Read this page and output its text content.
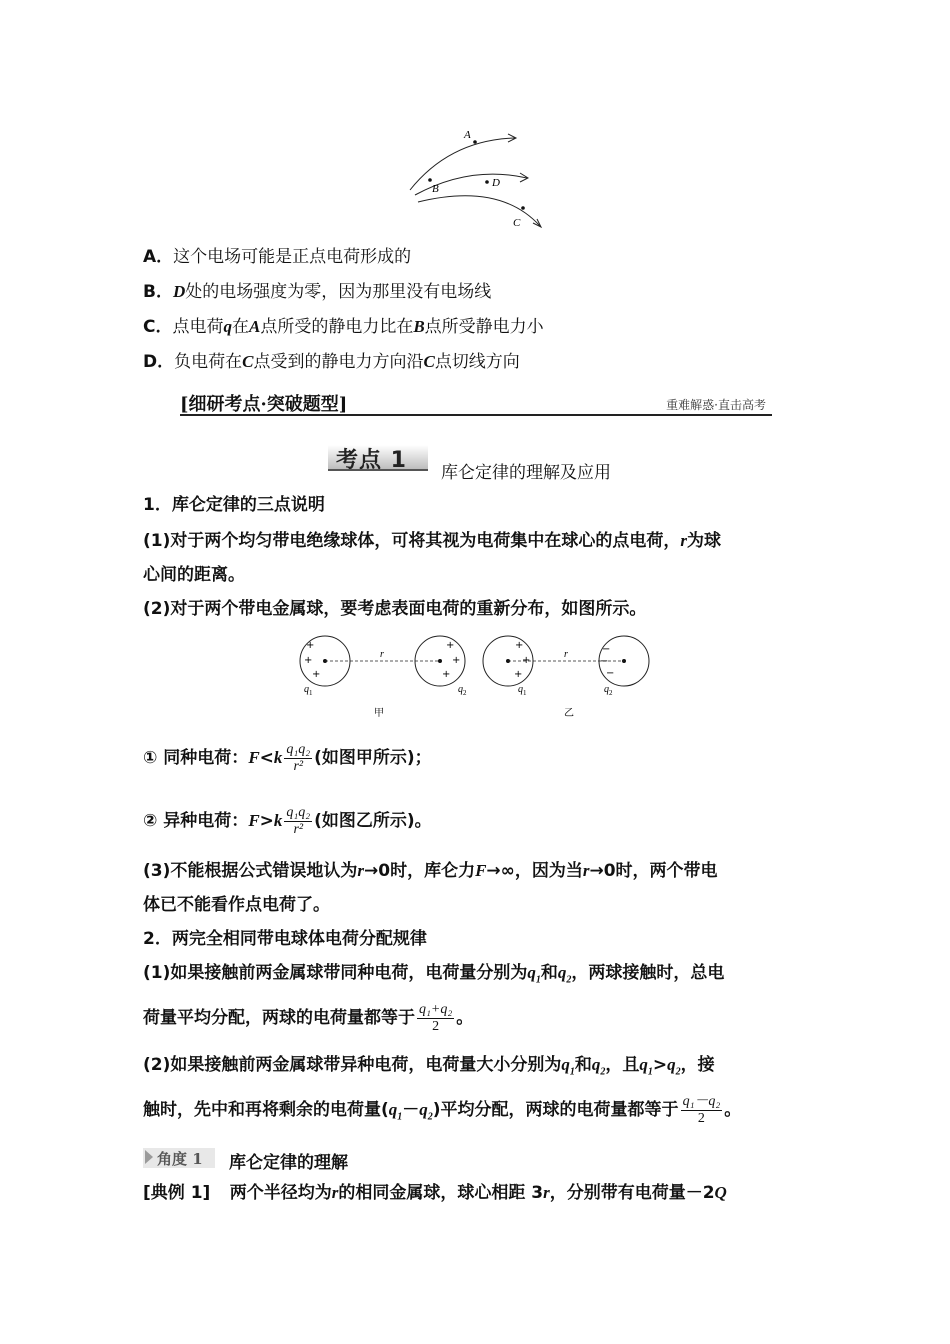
A
B	D
C
A．这个电场可能是正点电荷形成的
B．D处的电场强度为零，因为那里没有电场线
C．点电荷q在A点所受的静电力比在B点所受静电力小
D．负电荷在C点受到的静电力方向沿C点切线方向
[细研考点·突破题型]	重难解惑·直击高考
考点 1 库仑定律的理解及应用
1．库仑定律的三点说明
(1)对于两个均匀带电绝缘球体，可将其视为电荷集中在球心的点电荷，r为球
心间的距离。
(2)对于两个带电金属球，要考虑表面电荷的重新分布，如图所示。
r
+
+
+
+
+
+
$q_1$	$q_2$
甲
r
+
+
+
−
−
−
$q_1$	$q_2$
乙
① 同种电荷：$F<k \frac{\text{q₁q₂}}{\text{r²}}$ (如图甲所示)；
② 异种电荷：$F>k \frac{\text{q₁q₂}}{\text{r²}}$ (如图乙所示)。
(3)不能根据公式错误地认为r→0时，库仑力F→∞，因为当r→0时，两个带电
体已不能看作点电荷了。
2．两完全相同带电球体电荷分配规律
(1)如果接触前两金属球带同种电荷，电荷量分别为$q_1$和$q_2$，两球接触时，总电
荷量平均分配，两球的电荷量都等于 $\frac{\text{q₁+q₂}}{2}$ 。
(2)如果接触前两金属球带异种电荷，电荷量大小分别为$q_1$和$q_2$，且$q_1>q_2$，接
触时，先中和再将剩余的电荷量$(q_1-q_2)$平均分配，两球的电荷量都等于 $\frac{\text{q₁－q₂}}{2}$ 。
角度 1 库仑定律的理解
[典例 1] 两个半径均为r的相同金属球，球心相距 3r，分别带有电荷量－2Q
